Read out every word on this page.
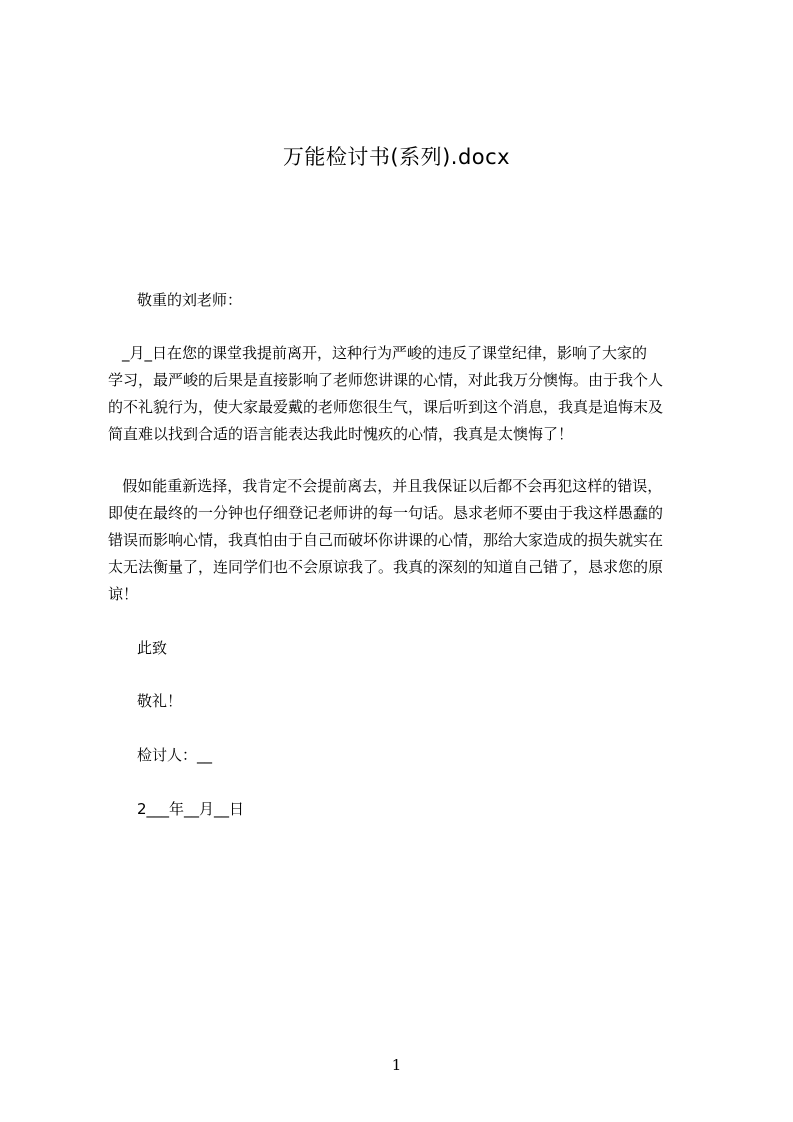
万能检讨书(系列).docx
敬重的刘老师：
_月_日在您的课堂我提前离开，这种行为严峻的违反了课堂纪律，影响了大家的
学习，最严峻的后果是直接影响了老师您讲课的心情，对此我万分懊悔。由于我个人
的不礼貌行为，使大家最爱戴的老师您很生气，课后听到这个消息，我真是追悔末及
简直难以找到合适的语言能表达我此时愧疚的心情，我真是太懊悔了！
假如能重新选择，我肯定不会提前离去，并且我保证以后都不会再犯这样的错误，
即使在最终的一分钟也仔细登记老师讲的每一句话。恳求老师不要由于我这样愚蠢的
错误而影响心情，我真怕由于自己而破坏你讲课的心情，那给大家造成的损失就实在
太无法衡量了，连同学们也不会原谅我了。我真的深刻的知道自己错了，恳求您的原
谅！
此致
敬礼！
检讨人：__
2___年__月__日
1
